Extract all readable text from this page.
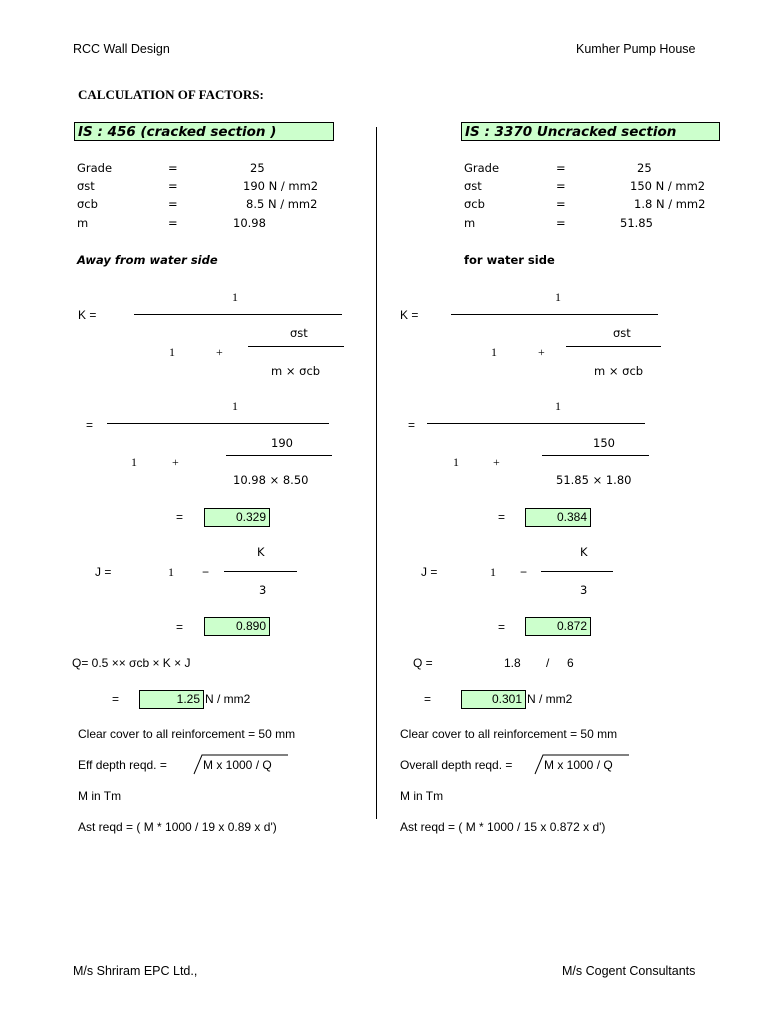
RCC Wall Design	Kumher Pump House
CALCULATION OF FACTORS:
IS : 456 (cracked section )
Grade	=	25
σst	=	190 N / mm2
σcb	=	8.5 N / mm2
m	=	10.98
Away from water side
1
K =
σst
1	+
m × σcb
1
=
190
1	+
10.98 × 8.50
=	0.329
K
J =	1 −
3
=	0.890
Q= 0.5 ×× σcb × K × J
=	1.25 N / mm2
Clear cover to all reinforcement = 50 mm
Eff depth reqd. =	M x 1000 / Q
M in Tm
Ast reqd = ( M * 1000 / 19 x 0.89 x d')
IS : 3370 Uncracked section
Grade	=	25
σst	=	150 N / mm2
σcb	=	1.8 N / mm2
m	=	51.85
for water side
1
K =
σst
1	+
m × σcb
1
=
150
1	+
51.85 × 1.80
=	0.384
K
J =	1 −
3
=	0.872
Q =	1.8 / 6
=	0.301 N / mm2
Clear cover to all reinforcement = 50 mm
Overall depth reqd. =	M x 1000 / Q
M in Tm
Ast reqd = ( M * 1000 / 15 x 0.872 x d')
M/s Shriram EPC Ltd.,	M/s Cogent Consultants
